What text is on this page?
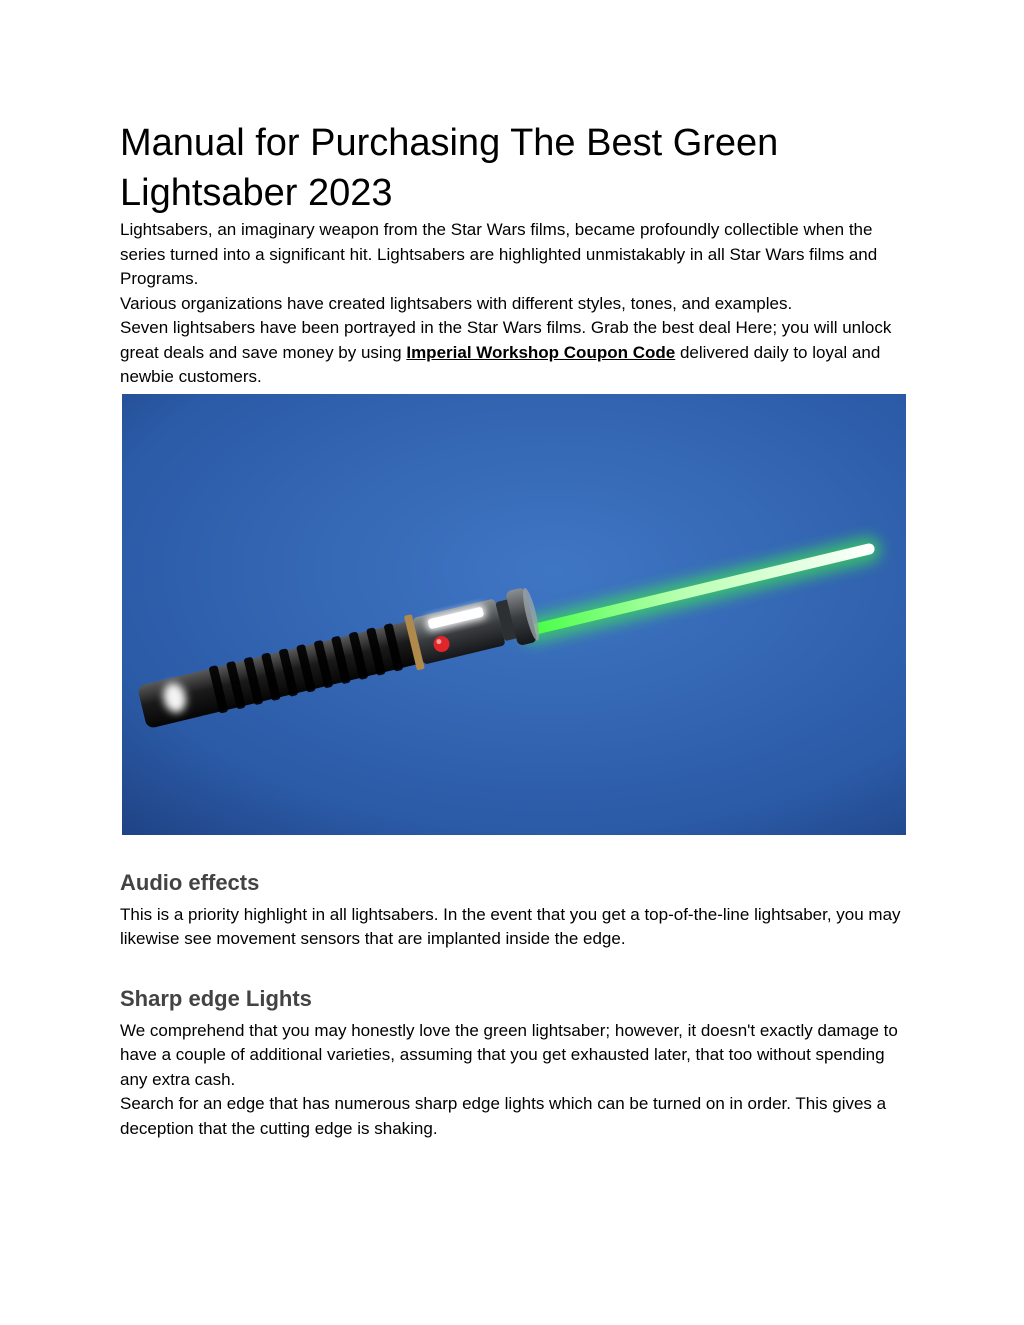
Manual for Purchasing The Best Green Lightsaber 2023

Lightsabers, an imaginary weapon from the Star Wars films, became profoundly collectible when the series turned into a significant hit. Lightsabers are highlighted unmistakably in all Star Wars films and Programs.

Various organizations have created lightsabers with different styles, tones, and examples.
Seven lightsabers have been portrayed in the Star Wars films. Grab the best deal Here; you will unlock great deals and save money by using Imperial Workshop Coupon Code delivered daily to loyal and newbie customers.

Audio effects

This is a priority highlight in all lightsabers. In the event that you get a top-of-the-line lightsaber, you may likewise see movement sensors that are implanted inside the edge.

Sharp edge Lights

We comprehend that you may honestly love the green lightsaber; however, it doesn't exactly damage to have a couple of additional varieties, assuming that you get exhausted later, that too without spending any extra cash.

Search for an edge that has numerous sharp edge lights which can be turned on in order. This gives a deception that the cutting edge is shaking.
